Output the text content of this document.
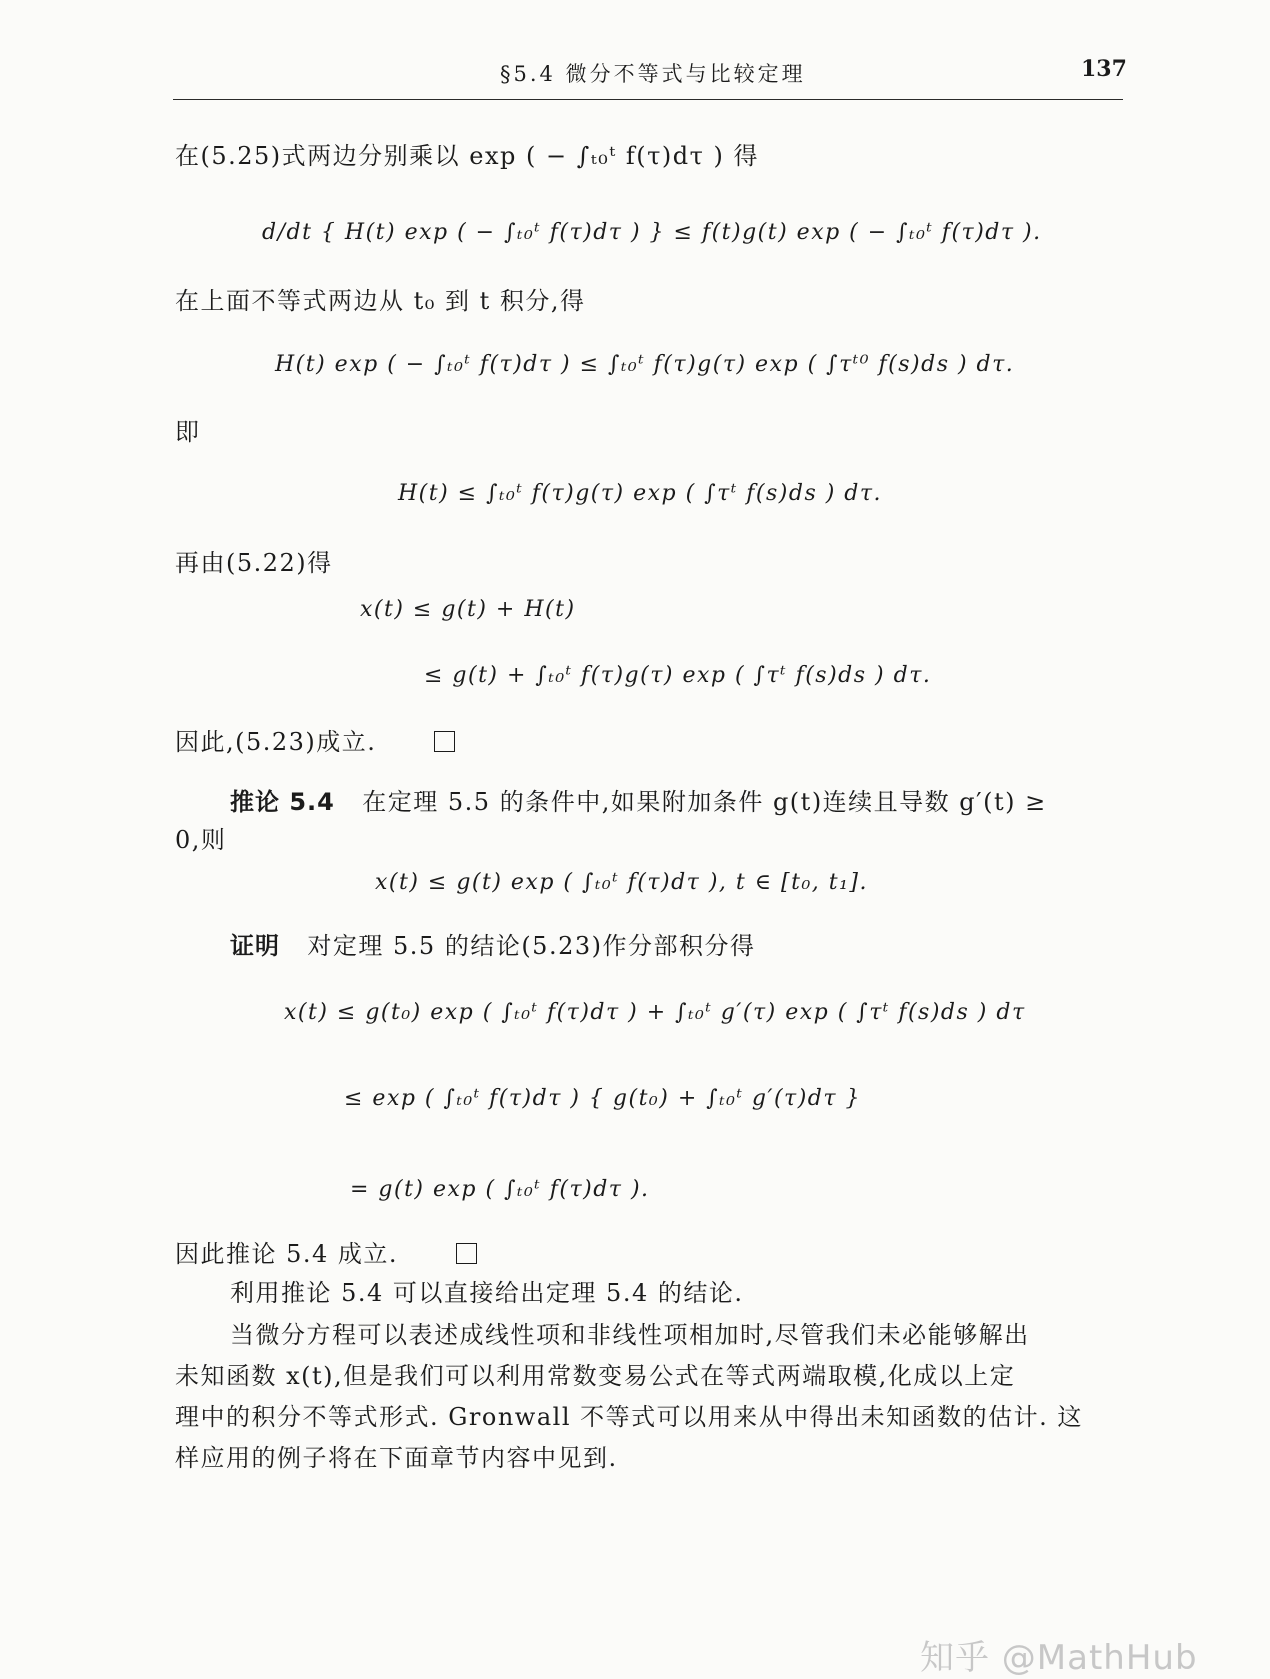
§5.4 微分不等式与比较定理	137
在(5.25)式两边分别乘以 exp ( − ∫ₜ₀ᵗ f(τ)dτ ) 得
d/dt { H(t) exp ( − ∫ₜ₀ᵗ f(τ)dτ ) } ≤ f(t)g(t) exp ( − ∫ₜ₀ᵗ f(τ)dτ ).
在上面不等式两边从 t₀ 到 t 积分,得
H(t) exp ( − ∫ₜ₀ᵗ f(τ)dτ ) ≤ ∫ₜ₀ᵗ f(τ)g(τ) exp ( ∫τᵗ⁰ f(s)ds ) dτ.
即
H(t) ≤ ∫ₜ₀ᵗ f(τ)g(τ) exp ( ∫τᵗ f(s)ds ) dτ.
再由(5.22)得
x(t) ≤ g(t) + H(t)
≤ g(t) + ∫ₜ₀ᵗ f(τ)g(τ) exp ( ∫τᵗ f(s)ds ) dτ.
因此,(5.23)成立.
推论 5.4 在定理 5.5 的条件中,如果附加条件 g(t)连续且导数 g′(t) ≥
0,则
x(t) ≤ g(t) exp ( ∫ₜ₀ᵗ f(τ)dτ ), t ∈ [t₀, t₁].
证明 对定理 5.5 的结论(5.23)作分部积分得
x(t) ≤ g(t₀) exp ( ∫ₜ₀ᵗ f(τ)dτ ) + ∫ₜ₀ᵗ g′(τ) exp ( ∫τᵗ f(s)ds ) dτ
≤ exp ( ∫ₜ₀ᵗ f(τ)dτ ) { g(t₀) + ∫ₜ₀ᵗ g′(τ)dτ }
= g(t) exp ( ∫ₜ₀ᵗ f(τ)dτ ).
因此推论 5.4 成立.
利用推论 5.4 可以直接给出定理 5.4 的结论.
当微分方程可以表述成线性项和非线性项相加时,尽管我们未必能够解出
未知函数 x(t),但是我们可以利用常数变易公式在等式两端取模,化成以上定
理中的积分不等式形式. Gronwall 不等式可以用来从中得出未知函数的估计. 这
样应用的例子将在下面章节内容中见到.
知乎 @MathHub
